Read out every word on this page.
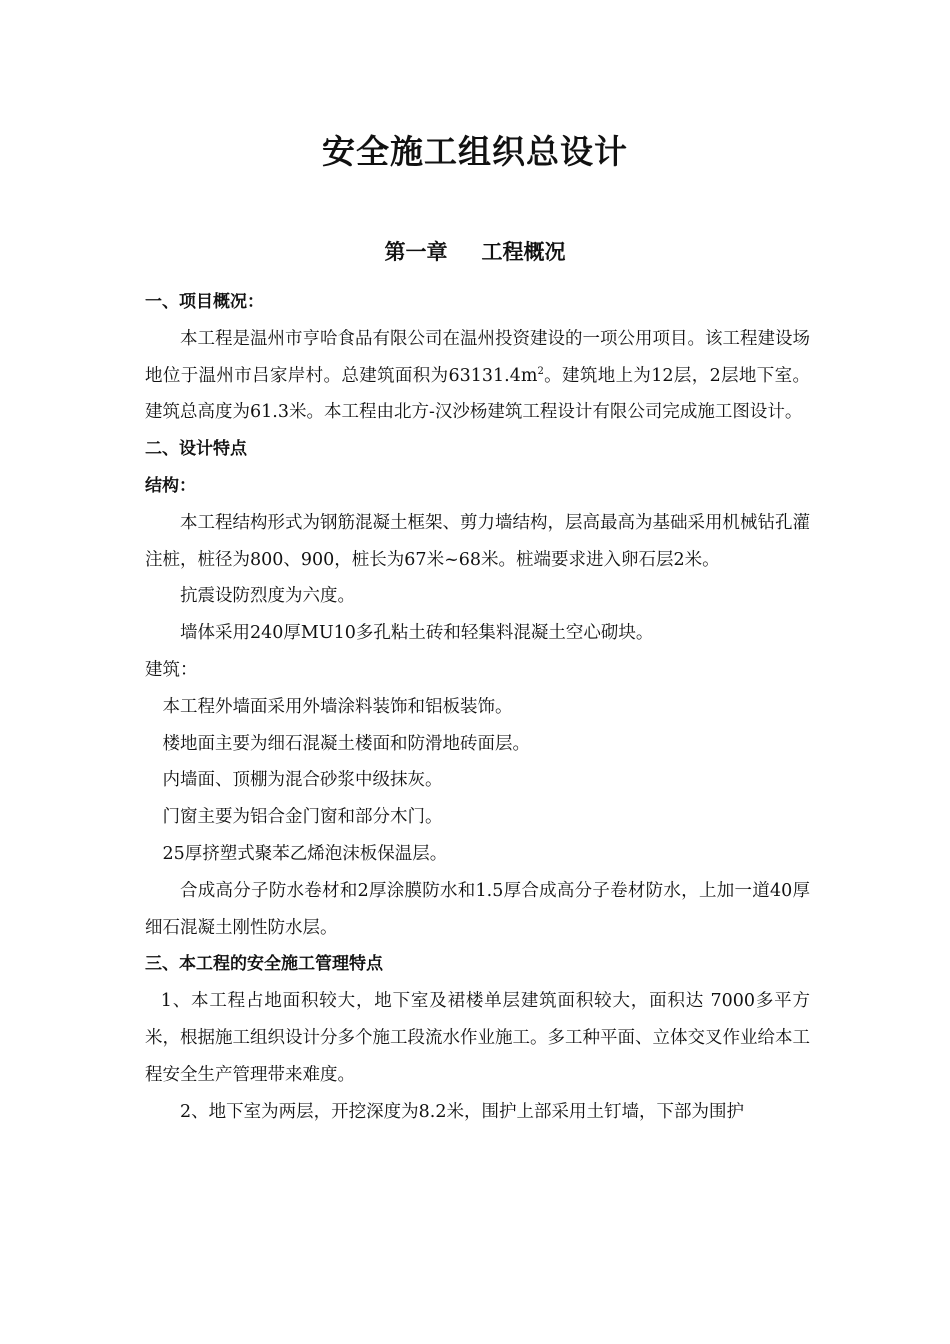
安全施工组织总设计
第一章 工程概况
一、项目概况：
本工程是温州市亨哈食品有限公司在温州投资建设的一项公用项目。该工程建设场地位于温州市吕家岸村。总建筑面积为$63131.4m^2$。建筑地上为12层，2层地下室。建筑总高度为61.3米。本工程由北方-汉沙杨建筑工程设计有限公司完成施工图设计。
二、设计特点
结构：
本工程结构形式为钢筋混凝土框架、剪力墙结构，层高最高为基础采用机械钻孔灌注桩，桩径为800、900，桩长为67米~68米。桩端要求进入卵石层2米。
抗震设防烈度为六度。
墙体采用240厚MU10多孔粘土砖和轻集料混凝土空心砌块。
建筑：
本工程外墙面采用外墙涂料装饰和铝板装饰。
楼地面主要为细石混凝土楼面和防滑地砖面层。
内墙面、顶棚为混合砂浆中级抹灰。
门窗主要为铝合金门窗和部分木门。
25厚挤塑式聚苯乙烯泡沫板保温层。
合成高分子防水卷材和2厚涂膜防水和1.5厚合成高分子卷材防水，上加一道40厚细石混凝土刚性防水层。
三、本工程的安全施工管理特点
1、本工程占地面积较大，地下室及裙楼单层建筑面积较大，面积达 7000多平方米，根据施工组织设计分多个施工段流水作业施工。多工种平面、立体交叉作业给本工程安全生产管理带来难度。
2、地下室为两层，开挖深度为8.2米，围护上部采用土钉墙，下部为围护
